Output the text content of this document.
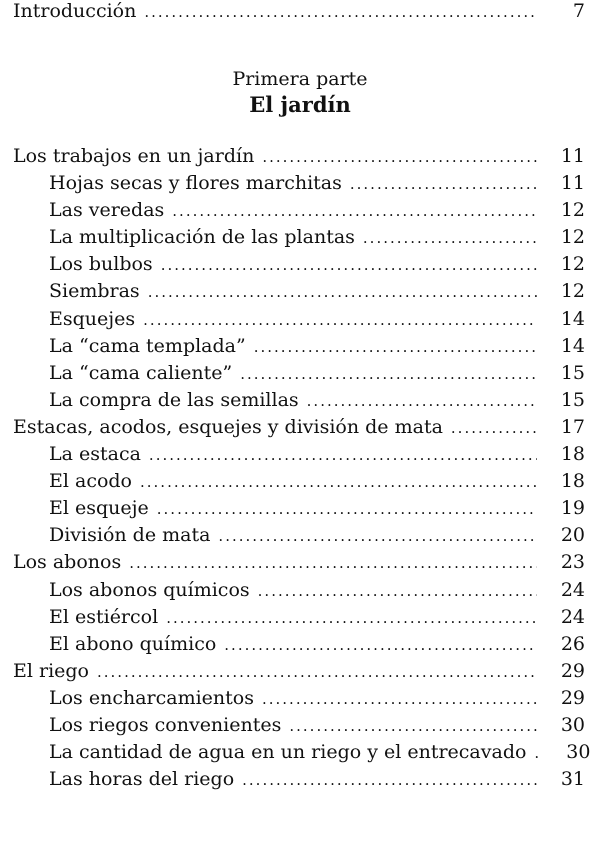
Introducción .....	7
Primera parte
El jardín
Los trabajos en un jardín .....	11
Hojas secas y flores marchitas .....	11
Las veredas .....	12
La multiplicación de las plantas .....	12
Los bulbos .....	12
Siembras .....	12
Esquejes .....	14
La “cama templada” .....	14
La “cama caliente” .....	15
La compra de las semillas .....	15
Estacas, acodos, esquejes y división de mata .....	17
La estaca .....	18
El acodo .....	18
El esqueje .....	19
División de mata .....	20
Los abonos .....	23
Los abonos químicos .....	24
El estiércol .....	24
El abono químico .....	26
El riego .....	29
Los encharcamientos .....	29
Los riegos convenientes .....	30
La cantidad de agua en un riego y el entrecavado .....	30
Las horas del riego .....	31
